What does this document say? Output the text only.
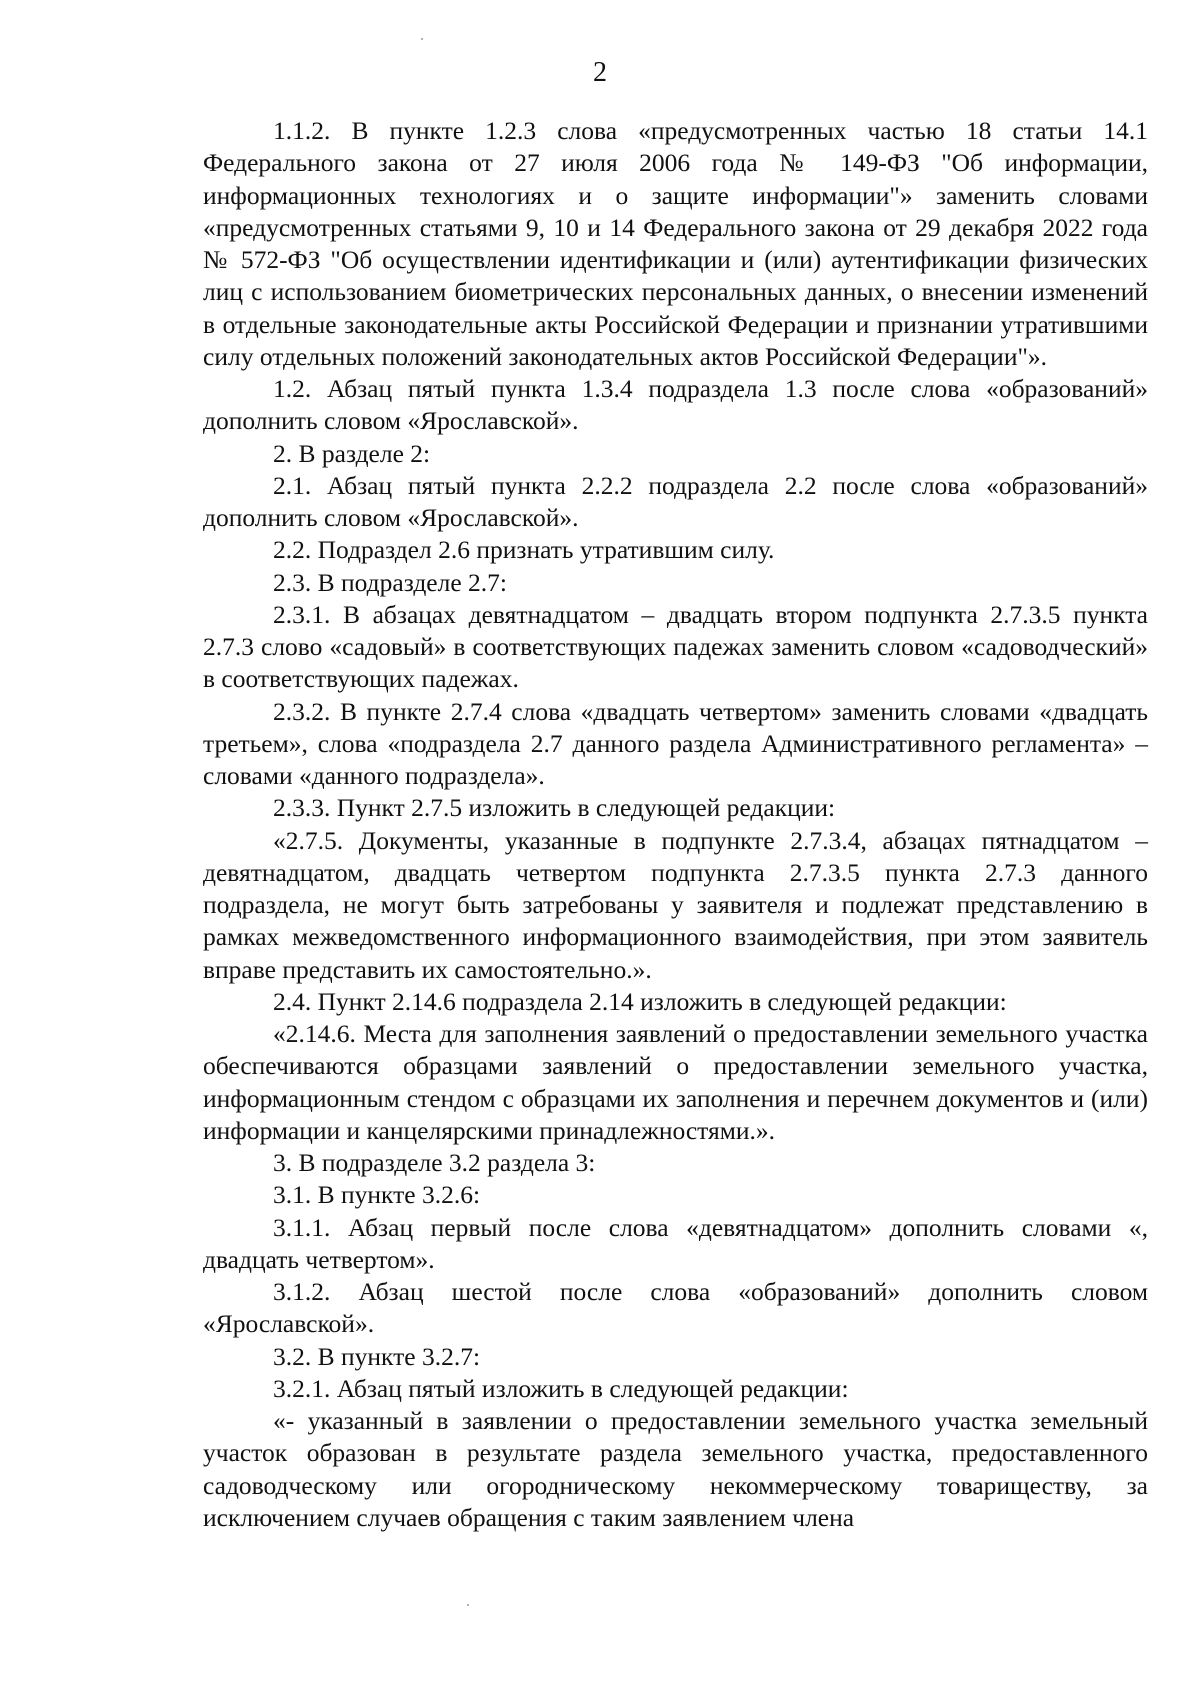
2

1.1.2. В пункте 1.2.3 слова «предусмотренных частью 18 статьи 14.1 Федерального закона от 27 июля 2006 года № 149-ФЗ "Об информации, информационных технологиях и о защите информации"» заменить словами «предусмотренных статьями 9, 10 и 14 Федерального закона от 29 декабря 2022 года № 572-ФЗ "Об осуществлении идентификации и (или) аутентификации физических лиц с использованием биометрических персональных данных, о внесении изменений в отдельные законодательные акты Российской Федерации и признании утратившими силу отдельных положений законодательных актов Российской Федерации"».

1.2. Абзац пятый пункта 1.3.4 подраздела 1.3 после слова «образований» дополнить словом «Ярославской».

2. В разделе 2:

2.1. Абзац пятый пункта 2.2.2 подраздела 2.2 после слова «образований» дополнить словом «Ярославской».

2.2. Подраздел 2.6 признать утратившим силу.

2.3. В подразделе 2.7:

2.3.1. В абзацах девятнадцатом – двадцать втором подпункта 2.7.3.5 пункта 2.7.3 слово «садовый» в соответствующих падежах заменить словом «садоводческий» в соответствующих падежах.

2.3.2. В пункте 2.7.4 слова «двадцать четвертом» заменить словами «двадцать третьем», слова «подраздела 2.7 данного раздела Административного регламента» – словами «данного подраздела».

2.3.3. Пункт 2.7.5 изложить в следующей редакции:

«2.7.5. Документы, указанные в подпункте 2.7.3.4, абзацах пятнадцатом – девятнадцатом, двадцать четвертом подпункта 2.7.3.5 пункта 2.7.3 данного подраздела, не могут быть затребованы у заявителя и подлежат представлению в рамках межведомственного информационного взаимодействия, при этом заявитель вправе представить их самостоятельно.».

2.4. Пункт 2.14.6 подраздела 2.14 изложить в следующей редакции:

«2.14.6. Места для заполнения заявлений о предоставлении земельного участка обеспечиваются образцами заявлений о предоставлении земельного участка, информационным стендом с образцами их заполнения и перечнем документов и (или) информации и канцелярскими принадлежностями.».

3. В подразделе 3.2 раздела 3:

3.1. В пункте 3.2.6:

3.1.1. Абзац первый после слова «девятнадцатом» дополнить словами «, двадцать четвертом».

3.1.2. Абзац шестой после слова «образований» дополнить словом «Ярославской».

3.2. В пункте 3.2.7:

3.2.1. Абзац пятый изложить в следующей редакции:

«- указанный в заявлении о предоставлении земельного участка земельный участок образован в результате раздела земельного участка, предоставленного садоводческому или огородническому некоммерческому товариществу, за исключением случаев обращения с таким заявлением члена
